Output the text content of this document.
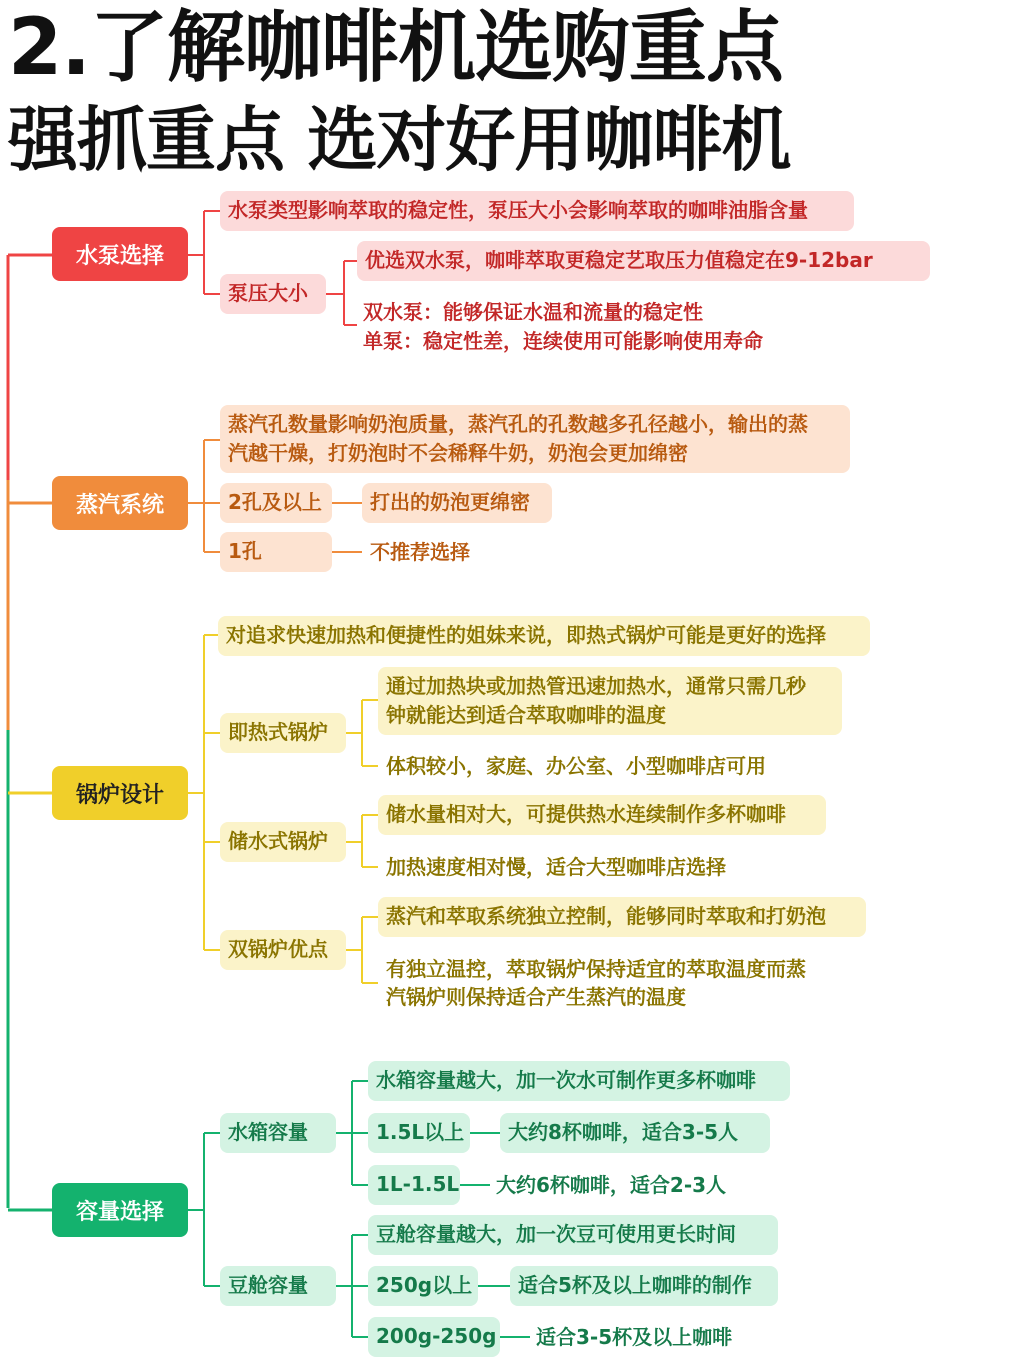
2.了解咖啡机选购重点
强抓重点 选对好用咖啡机
水泵选择
水泵类型影响萃取的稳定性，泵压大小会影响萃取的咖啡油脂含量
泵压大小
优选双水泵，咖啡萃取更稳定艺取压力值稳定在9-12bar
双水泵：能够保证水温和流量的稳定性
单泵：稳定性差，连续使用可能影响使用寿命
蒸汽系统
蒸汽孔数量影响奶泡质量，蒸汽孔的孔数越多孔径越小，输出的蒸
汽越干燥，打奶泡时不会稀释牛奶，奶泡会更加绵密
2孔及以上	打出的奶泡更绵密
1孔	不推荐选择
锅炉设计
对追求快速加热和便捷性的姐妹来说，即热式锅炉可能是更好的选择
即热式锅炉
通过加热块或加热管迅速加热水，通常只需几秒
钟就能达到适合萃取咖啡的温度
体积较小，家庭、办公室、小型咖啡店可用
储水式锅炉
储水量相对大，可提供热水连续制作多杯咖啡
加热速度相对慢，适合大型咖啡店选择
双锅炉优点
蒸汽和萃取系统独立控制，能够同时萃取和打奶泡
有独立温控，萃取锅炉保持适宜的萃取温度而蒸
汽锅炉则保持适合产生蒸汽的温度
容量选择
水箱容量
水箱容量越大，加一次水可制作更多杯咖啡
1.5L以上	大约8杯咖啡，适合3-5人
1L-1.5L 大约6杯咖啡，适合2-3人
豆舱容量
豆舱容量越大，加一次豆可使用更长时间
250g以上	适合5杯及以上咖啡的制作
200g-250g 适合3-5杯及以上咖啡
